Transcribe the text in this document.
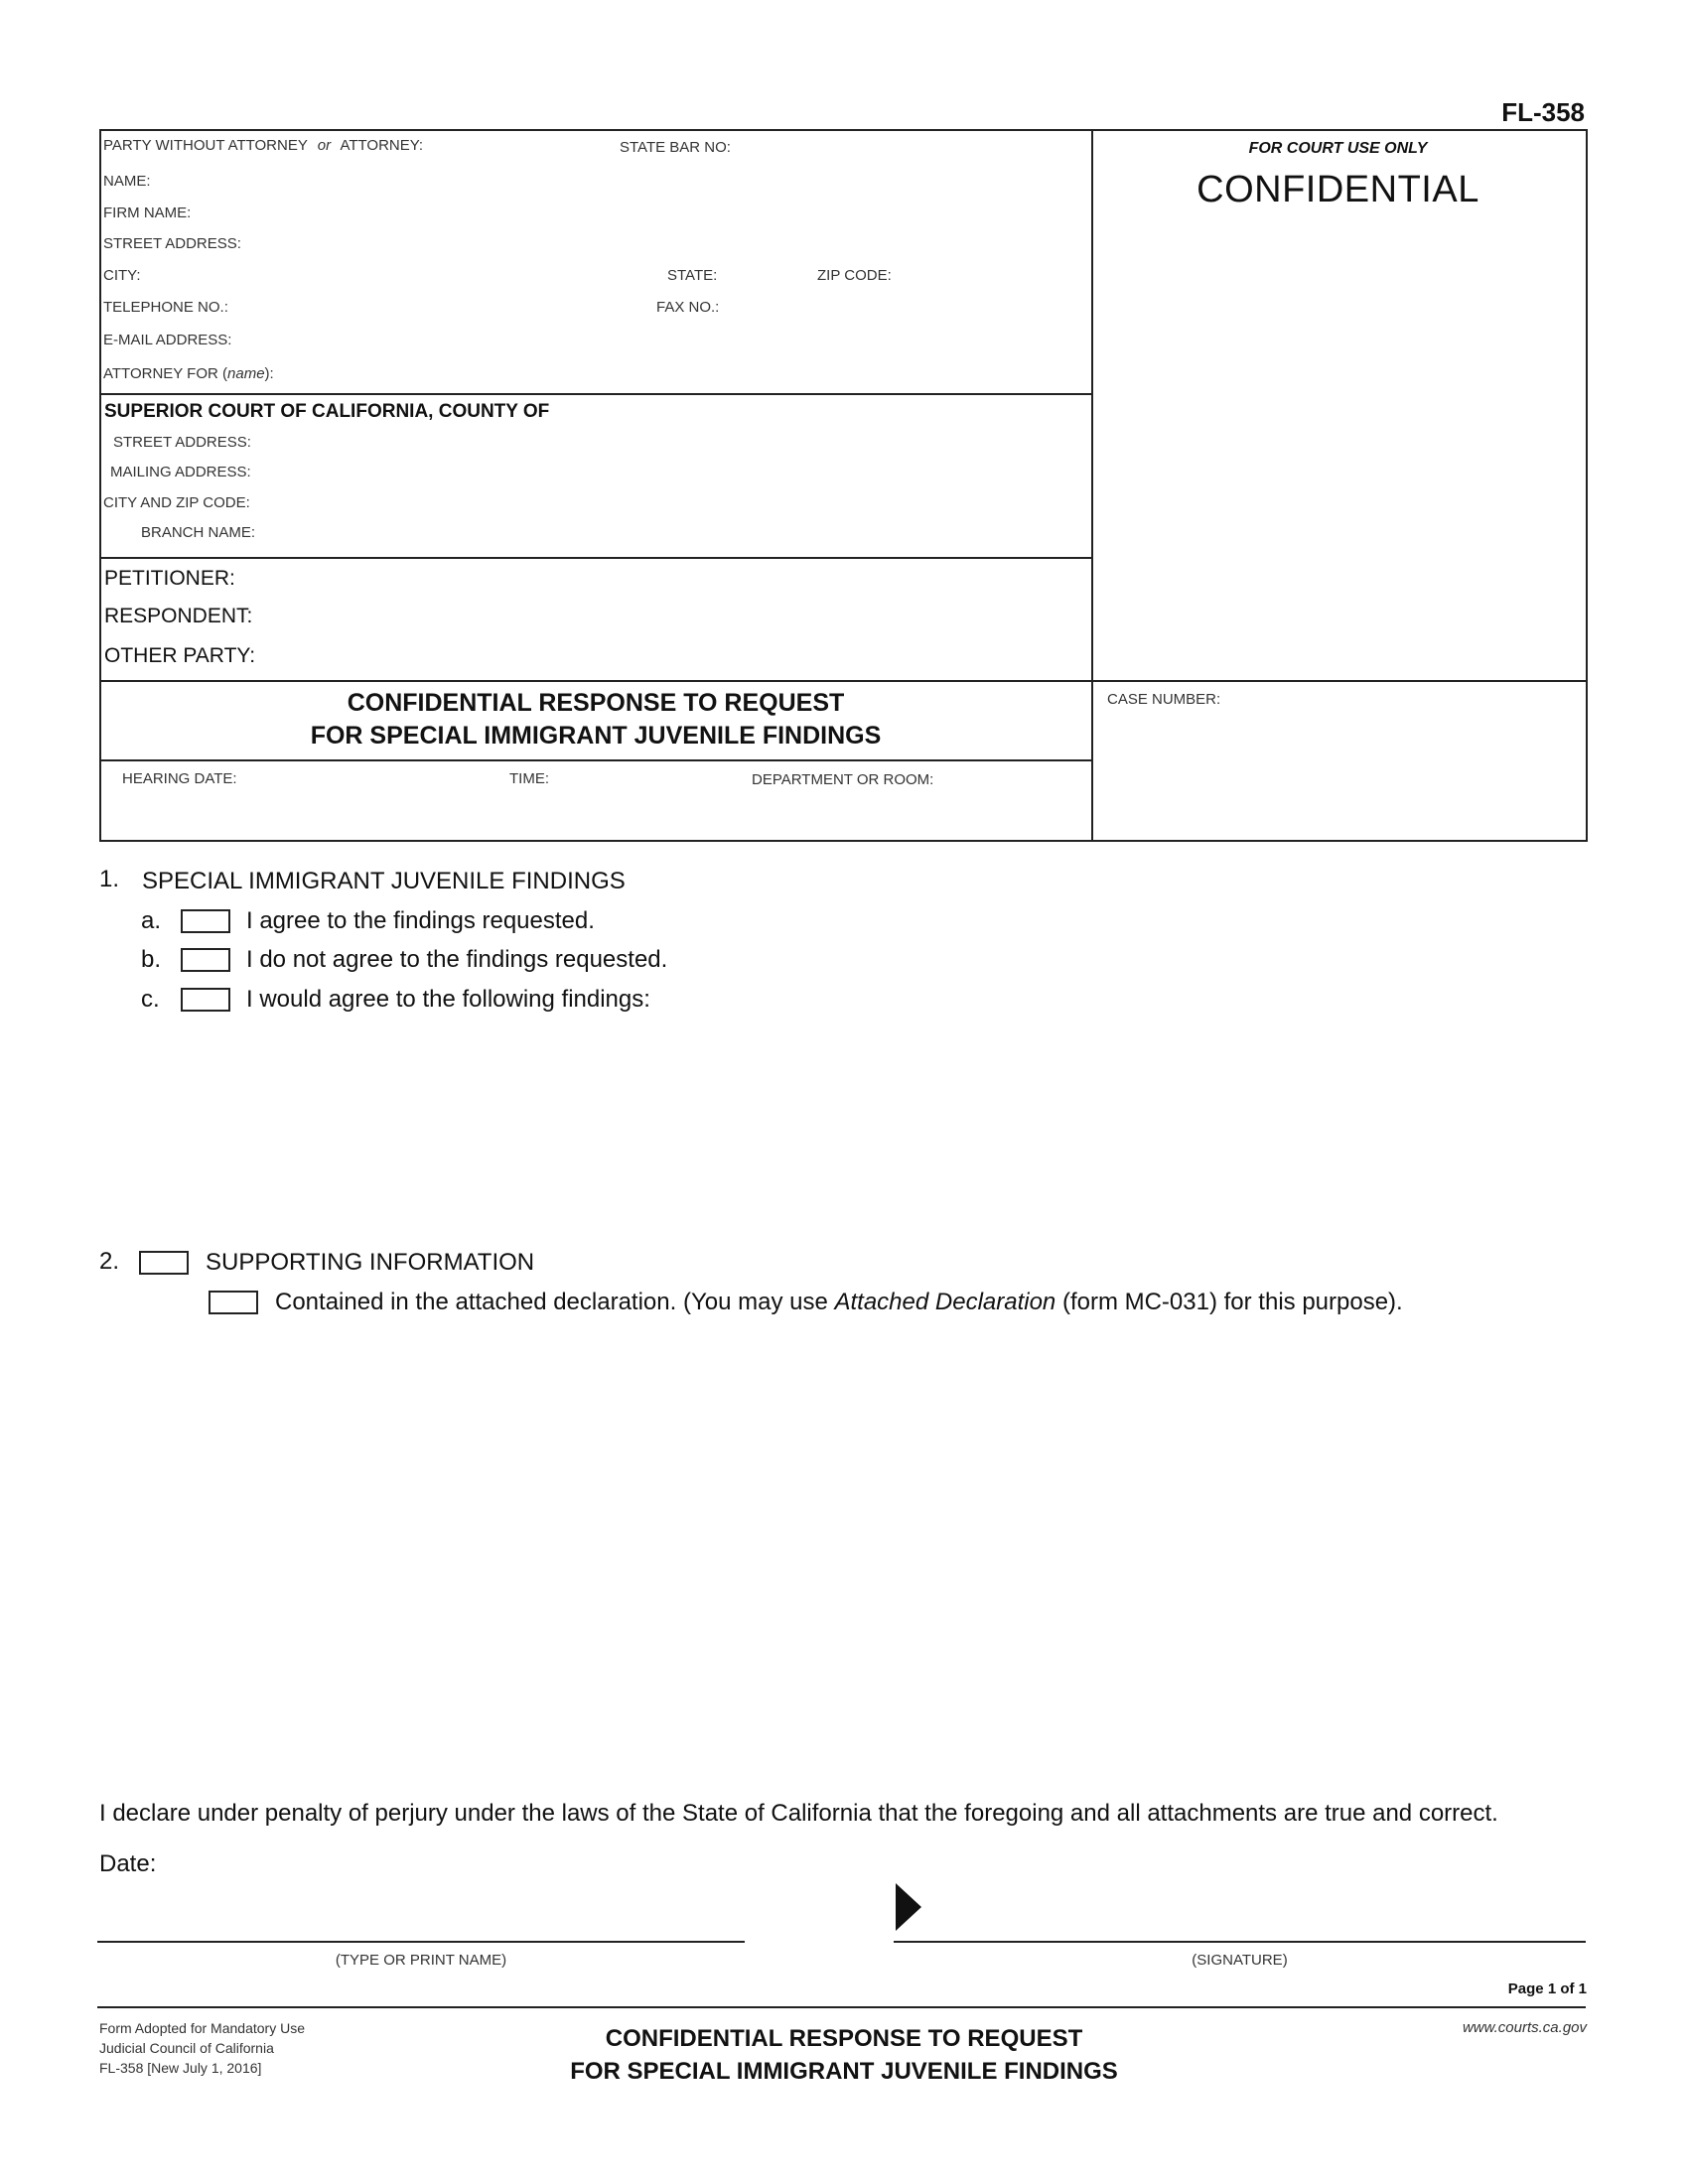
FL-358
PARTY WITHOUT ATTORNEY or ATTORNEY:	STATE BAR NO:
NAME:
FIRM NAME:
STREET ADDRESS:
CITY:	STATE:	ZIP CODE:
TELEPHONE NO.:	FAX NO.:
E-MAIL ADDRESS:
ATTORNEY FOR (name):
FOR COURT USE ONLY
CONFIDENTIAL
SUPERIOR COURT OF CALIFORNIA, COUNTY OF
STREET ADDRESS:
MAILING ADDRESS:
CITY AND ZIP CODE:
BRANCH NAME:
PETITIONER:
RESPONDENT:
OTHER PARTY:
CONFIDENTIAL RESPONSE TO REQUEST
FOR SPECIAL IMMIGRANT JUVENILE FINDINGS
CASE NUMBER:
HEARING DATE:	TIME:	DEPARTMENT OR ROOM:
1. SPECIAL IMMIGRANT JUVENILE FINDINGS
a.	I agree to the findings requested.
b.	I do not agree to the findings requested.
c.	I would agree to the following findings:
2.	SUPPORTING INFORMATION
Contained in the attached declaration. (You may use Attached Declaration (form MC-031) for this purpose).
I declare under penalty of perjury under the laws of the State of California that the foregoing and all attachments are true and correct.
Date:
(TYPE OR PRINT NAME)	(SIGNATURE)
Page 1 of 1
Form Adopted for Mandatory Use
Judicial Council of California
FL-358 [New July 1, 2016]
CONFIDENTIAL RESPONSE TO REQUEST
FOR SPECIAL IMMIGRANT JUVENILE FINDINGS
www.courts.ca.gov
